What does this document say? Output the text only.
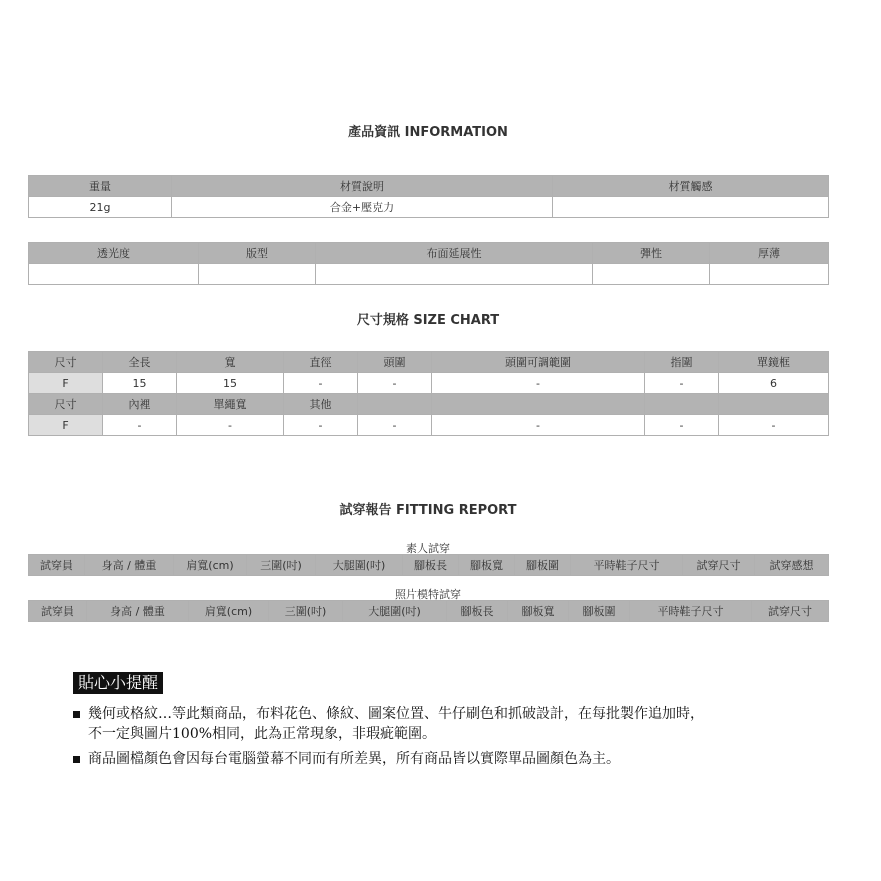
產品資訊 INFORMATION
重量	材質說明	材質觸感
21g	合金+壓克力	
透光度	版型	布面延展性	彈性	厚薄

尺寸規格 SIZE CHART
尺寸	全長	寬	直徑	頭圍	頭圍可調範圍	指圍	單鏡框
F	15	15	-	-	-	-	6
尺寸	內裡	單繩寬	其他				
F	-	-	-	-	-	-	-
試穿報告 FITTING REPORT
素人試穿
試穿員	身高 / 體重	肩寬(cm)	三圍(吋)	大腿圍(吋)	腳板長	腳板寬	腳板圍	平時鞋子尺寸	試穿尺寸	試穿感想
照片模特試穿
試穿員	身高 / 體重	肩寬(cm)	三圍(吋)	大腿圍(吋)	腳板長	腳板寬	腳板圍	平時鞋子尺寸	試穿尺寸
貼心小提醒
幾何或格紋…等此類商品，布料花色、條紋、圖案位置、牛仔刷色和抓破設計，在每批製作追加時，
不一定與圖片100%相同，此為正常現象，非瑕疵範圍。
商品圖檔顏色會因每台電腦螢幕不同而有所差異，所有商品皆以實際單品圖顏色為主。
